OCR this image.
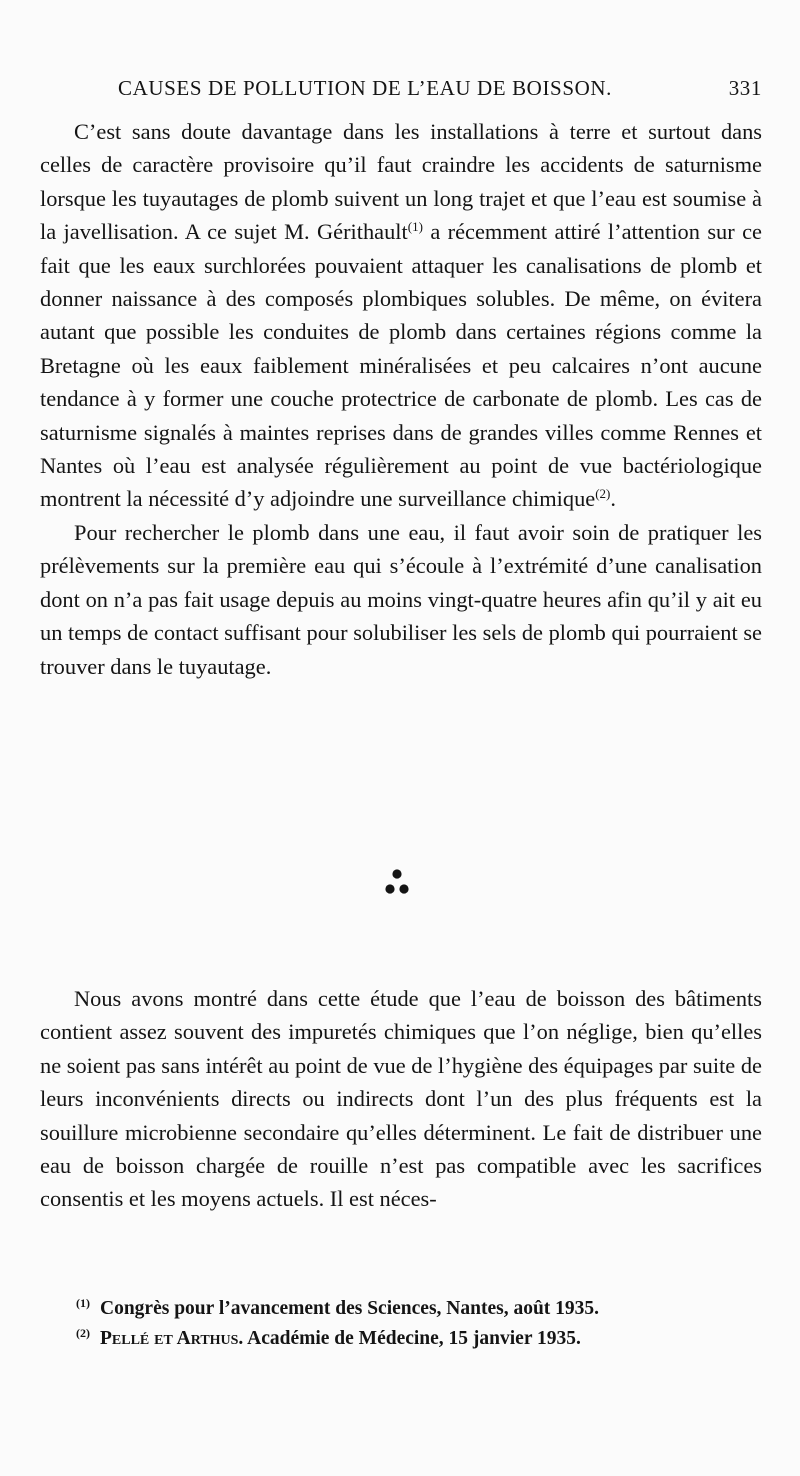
CAUSES DE POLLUTION DE L’EAU DE BOISSON.	331

C’est sans doute davantage dans les installations à terre et surtout dans celles de caractère provisoire qu’il faut craindre les accidents de saturnisme lorsque les tuyautages de plomb suivent un long trajet et que l’eau est soumise à la javellisation. A ce sujet M. Gérithault$^{(1)}$ a récemment attiré l’attention sur ce fait que les eaux surchlorées pouvaient attaquer les canalisations de plomb et donner naissance à des composés plombiques solubles. De même, on évitera autant que possible les conduites de plomb dans certaines régions comme la Bretagne où les eaux faiblement minéralisées et peu calcaires n’ont aucune tendance à y former une couche protectrice de carbonate de plomb. Les cas de saturnisme signalés à maintes reprises dans de grandes villes comme Rennes et Nantes où l’eau est analysée régulièrement au point de vue bactériologique montrent la nécessité d’y adjoindre une surveillance chimique$^{(2)}$.

Pour rechercher le plomb dans une eau, il faut avoir soin de pratiquer les prélèvements sur la première eau qui s’écoule à l’extrémité d’une canalisation dont on n’a pas fait usage depuis au moins vingt-quatre heures afin qu’il y ait eu un temps de contact suffisant pour solubiliser les sels de plomb qui pourraient se trouver dans le tuyautage.

Nous avons montré dans cette étude que l’eau de boisson des bâtiments contient assez souvent des impuretés chimiques que l’on néglige, bien qu’elles ne soient pas sans intérêt au point de vue de l’hygiène des équipages par suite de leurs inconvénients directs ou indirects dont l’un des plus fréquents est la souillure microbienne secondaire qu’elles déterminent. Le fait de distribuer une eau de boisson chargée de rouille n’est pas compatible avec les sacrifices consentis et les moyens actuels. Il est néces-

$^{(1)}$ Congrès pour l’avancement des Sciences, Nantes, août 1935.

$^{(2)}$ Pellé et Arthus. Académie de Médecine, 15 janvier 1935.
